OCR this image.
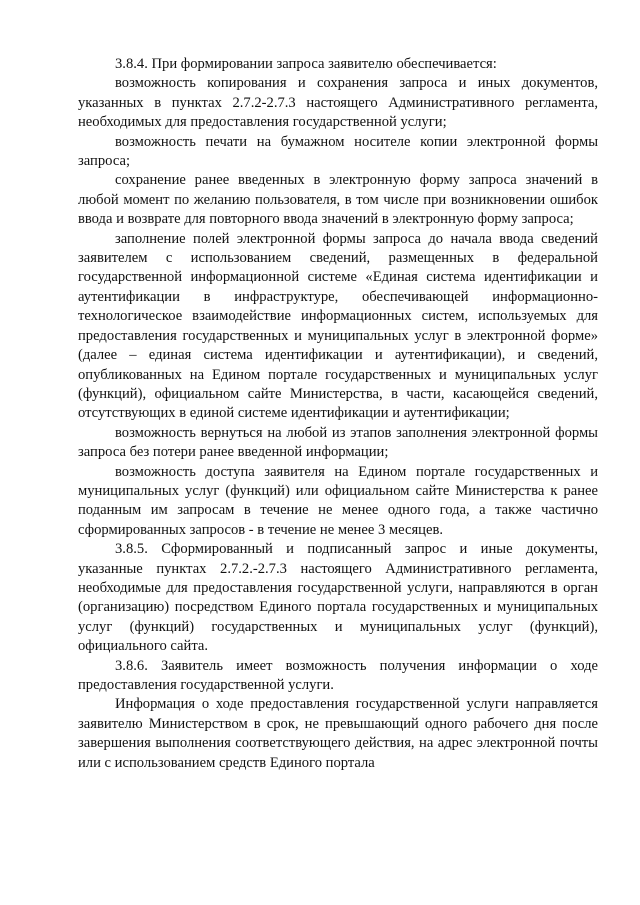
3.8.4. При формировании запроса заявителю обеспечивается:

возможность копирования и сохранения запроса и иных документов, указанных в пунктах 2.7.2-2.7.3 настоящего Административного регламента, необходимых для предоставления государственной услуги;

возможность печати на бумажном носителе копии электронной формы запроса;

сохранение ранее введенных в электронную форму запроса значений в любой момент по желанию пользователя, в том числе при возникновении ошибок ввода и возврате для повторного ввода значений в электронную форму запроса;

заполнение полей электронной формы запроса до начала ввода сведений заявителем с использованием сведений, размещенных в федеральной государственной информационной системе «Единая система идентификации и аутентификации в инфраструктуре, обеспечивающей информационно-технологическое взаимодействие информационных систем, используемых для предоставления государственных и муниципальных услуг в электронной форме» (далее – единая система идентификации и аутентификации), и сведений, опубликованных на Едином портале государственных и муниципальных услуг (функций), официальном сайте Министерства, в части, касающейся сведений, отсутствующих в единой системе идентификации и аутентификации;

возможность вернуться на любой из этапов заполнения электронной формы запроса без потери ранее введенной информации;

возможность доступа заявителя на Едином портале государственных и муниципальных услуг (функций) или официальном сайте Министерства к ранее поданным им запросам в течение не менее одного года, а также частично сформированных запросов - в течение не менее 3 месяцев.

3.8.5. Сформированный и подписанный запрос и иные документы, указанные пунктах 2.7.2.-2.7.3 настоящего Административного регламента, необходимые для предоставления государственной услуги, направляются в орган (организацию) посредством Единого портала государственных и муниципальных услуг (функций) государственных и муниципальных услуг (функций), официального сайта.

3.8.6. Заявитель имеет возможность получения информации о ходе предоставления государственной услуги.

Информация о ходе предоставления государственной услуги направляется заявителю Министерством в срок, не превышающий одного рабочего дня после завершения выполнения соответствующего действия, на адрес электронной почты или с использованием средств Единого портала
